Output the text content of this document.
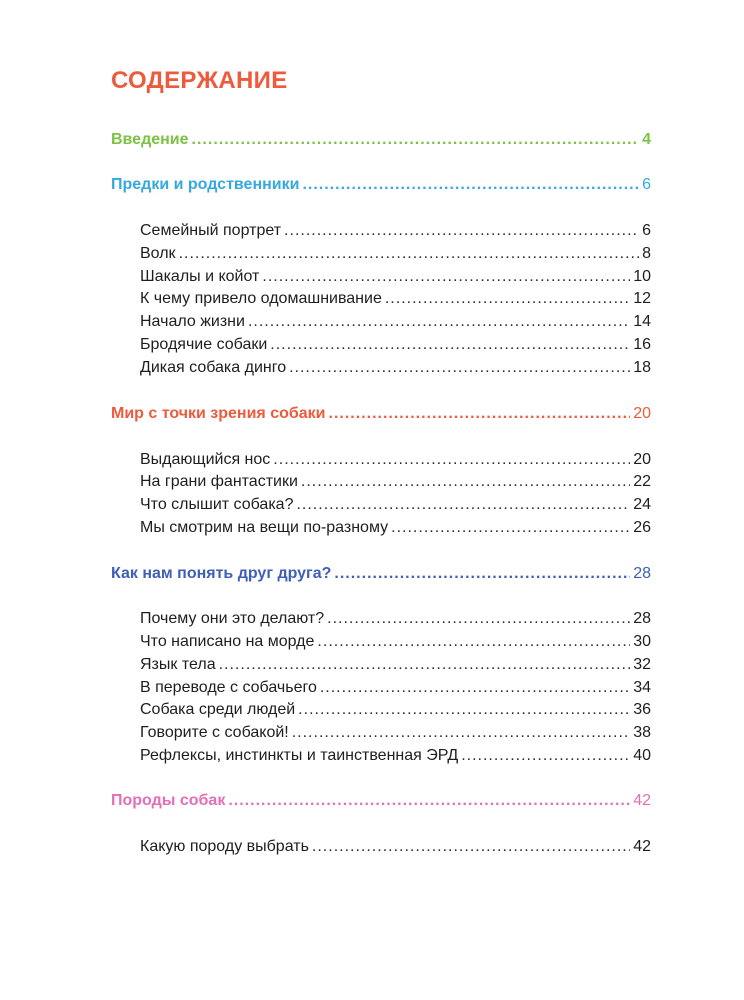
СОДЕРЖАНИЕ
Введение .....	4
Предки и родственники .....	6
Семейный портрет .....	6
Волк .....	8
Шакалы и койот .....	10
К чему привело одомашнивание .....	12
Начало жизни .....	14
Бродячие собаки .....	16
Дикая собака динго .....	18
Мир с точки зрения собаки .....	20
Выдающийся нос .....	20
На грани фантастики .....	22
Что слышит собака? .....	24
Мы смотрим на вещи по-разному .....	26
Как нам понять друг друга? .....	28
Почему они это делают? .....	28
Что написано на морде .....	30
Язык тела .....	32
В переводе с собачьего .....	34
Собака среди людей .....	36
Говорите с собакой! .....	38
Рефлексы, инстинкты и таинственная ЭРД .....	40
Породы собак .....	42
Какую породу выбрать .....	42
